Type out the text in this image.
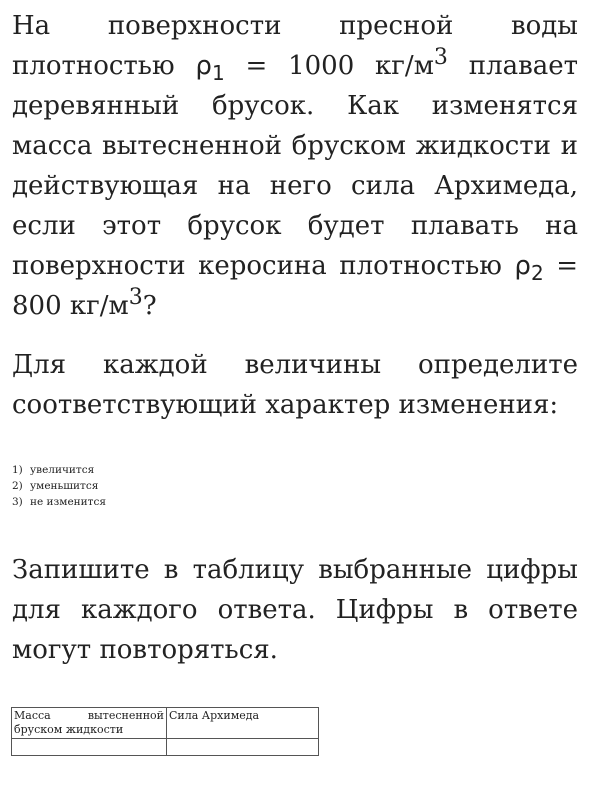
На поверхности пресной воды плотностью $\rho_1 = 1000$ $кг/м^3$ плавает деревянный брусок. Как изменятся масса вытесненной бруском жидкости и действующая на него сила Архимеда, если этот брусок будет плавать на поверхности керосина плотностью $\rho_2 = 800$ $кг/м^3$?

Для каждой величины определите соответствующий характер изменения:

1) увеличится
2) уменьшится
3) не изменится

Запишите в таблицу выбранные цифры для каждого ответа. Цифры в ответе могут повторяться.

Масса вытесненной бруском жидкости	Сила Архимеда
